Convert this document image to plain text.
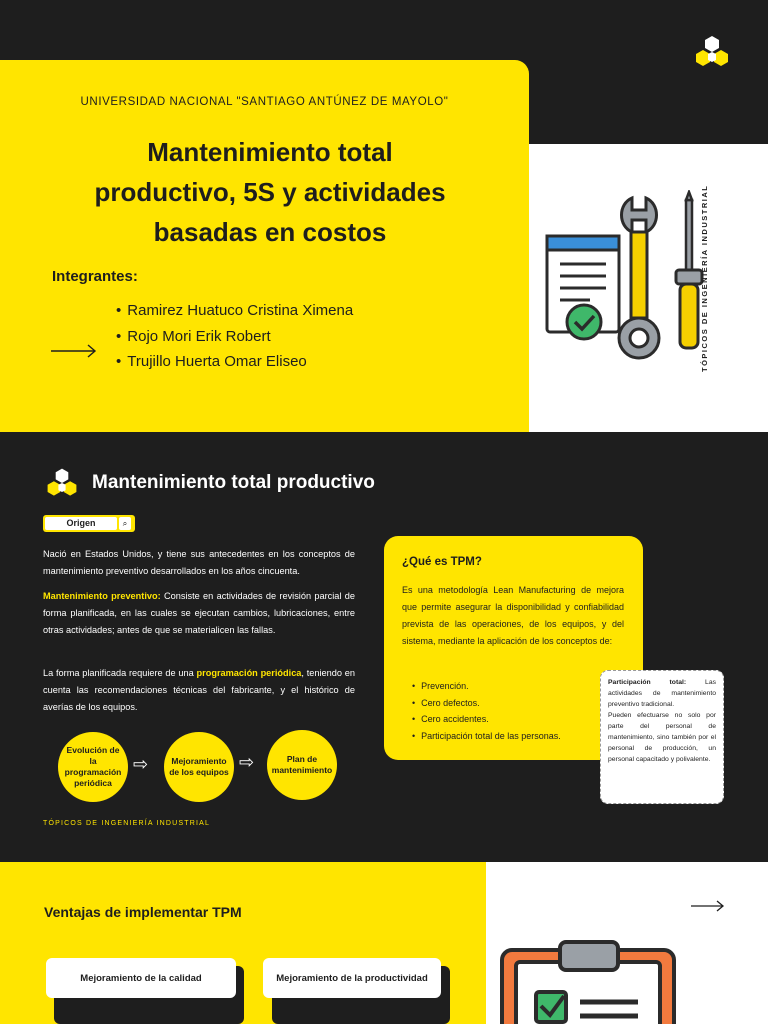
UNIVERSIDAD NACIONAL "SANTIAGO ANTÚNEZ DE MAYOLO"
Mantenimiento total
productivo, 5S y actividades
basadas en costos
Integrantes:
• Ramirez Huatuco Cristina Ximena
• Rojo Mori Erik Robert
• Trujillo Huerta Omar Eliseo	TÓPICOS DE INGENIERÍA INDUSTRIAL
Mantenimiento total productivo
Origen	⌕

Nació en Estados Unidos, y tiene sus antecedentes en los conceptos de mantenimiento preventivo desarrollados en los años cincuenta.

Mantenimiento preventivo: Consiste en actividades de revisión parcial de forma planificada, en las cuales se ejecutan cambios, lubricaciones, entre otras actividades; antes de que se materialicen las fallas.

La forma planificada requiere de una programación periódica, teniendo en cuenta las recomendaciones técnicas del fabricante, y el histórico de averías de los equipos.

Evolución de la programación periódica
⇨	Mejoramiento de los equipos ⇨	Plan de mantenimiento
TÓPICOS DE INGENIERÍA INDUSTRIAL
¿Qué es TPM?

Es una metodología Lean Manufacturing de mejora que permite asegurar la disponibilidad y confiabilidad prevista de las operaciones, de los equipos, y del sistema, mediante la aplicación de los conceptos de:

• Prevención.
• Cero defectos.
• Cero accidentes.
• Participación total de las personas.
Participación total: Las actividades de mantenimiento preventivo tradicional.
Pueden efectuarse no solo por parte del personal de mantenimiento, sino también por el personal de producción, un personal capacitado y polivalente.
Ventajas de implementar TPM
Mejoramiento de la calidad	Mejoramiento de la productividad
